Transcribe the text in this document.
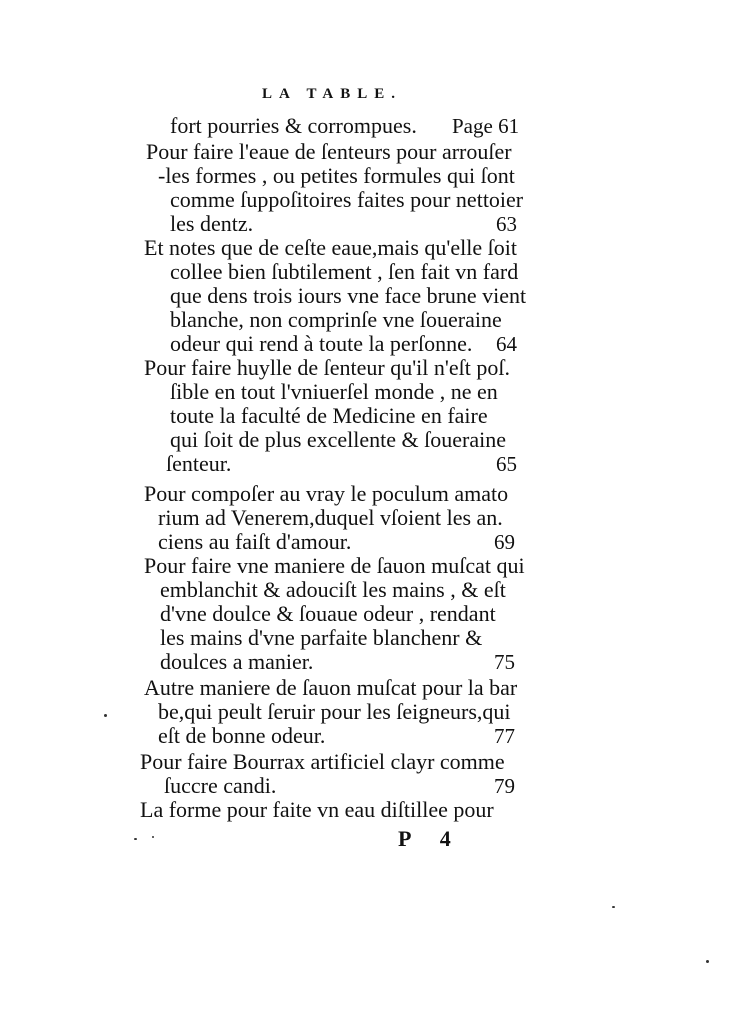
LA TABLE.
fort pourries & corrompues.
Pour faire l'eaue de ſenteurs pour arrouſer
-les formes , ou petites formules qui ſont
comme ſuppoſitoires faites pour nettoier
les dentz.
Et notes que de ceſte eaue,mais qu'elle ſoit
collee bien ſubtilement , ſen fait vn fard
que dens trois iours vne face brune vient
blanche, non comprinſe vne ſoueraine
odeur qui rend à toute la perſonne.
Pour faire huylle de ſenteur qu'il n'eſt poſ.
ſible en tout l'vniuerſel monde , ne en
toute la faculté de Medicine en faire
qui ſoit de plus excellente & ſoueraine
ſenteur.
Pour compoſer au vray le poculum amato
rium ad Venerem,duquel vſoient les an.
ciens au faiſt d'amour.
Pour faire vne maniere de ſauon muſcat qui
emblanchit & adouciſt les mains , & eſt
d'vne doulce & ſouaue odeur , rendant
les mains d'vne parfaite blanchenr &
doulces a manier.
Autre maniere de ſauon muſcat pour la bar
be,qui peult ſeruir pour les ſeigneurs,qui
eſt de bonne odeur.
Pour faire Bourrax artificiel clayr comme
ſuccre candi.
La forme pour faite vn eau diſtillee pour
Page 61
63
64
65
69
75
77
79
P 4
